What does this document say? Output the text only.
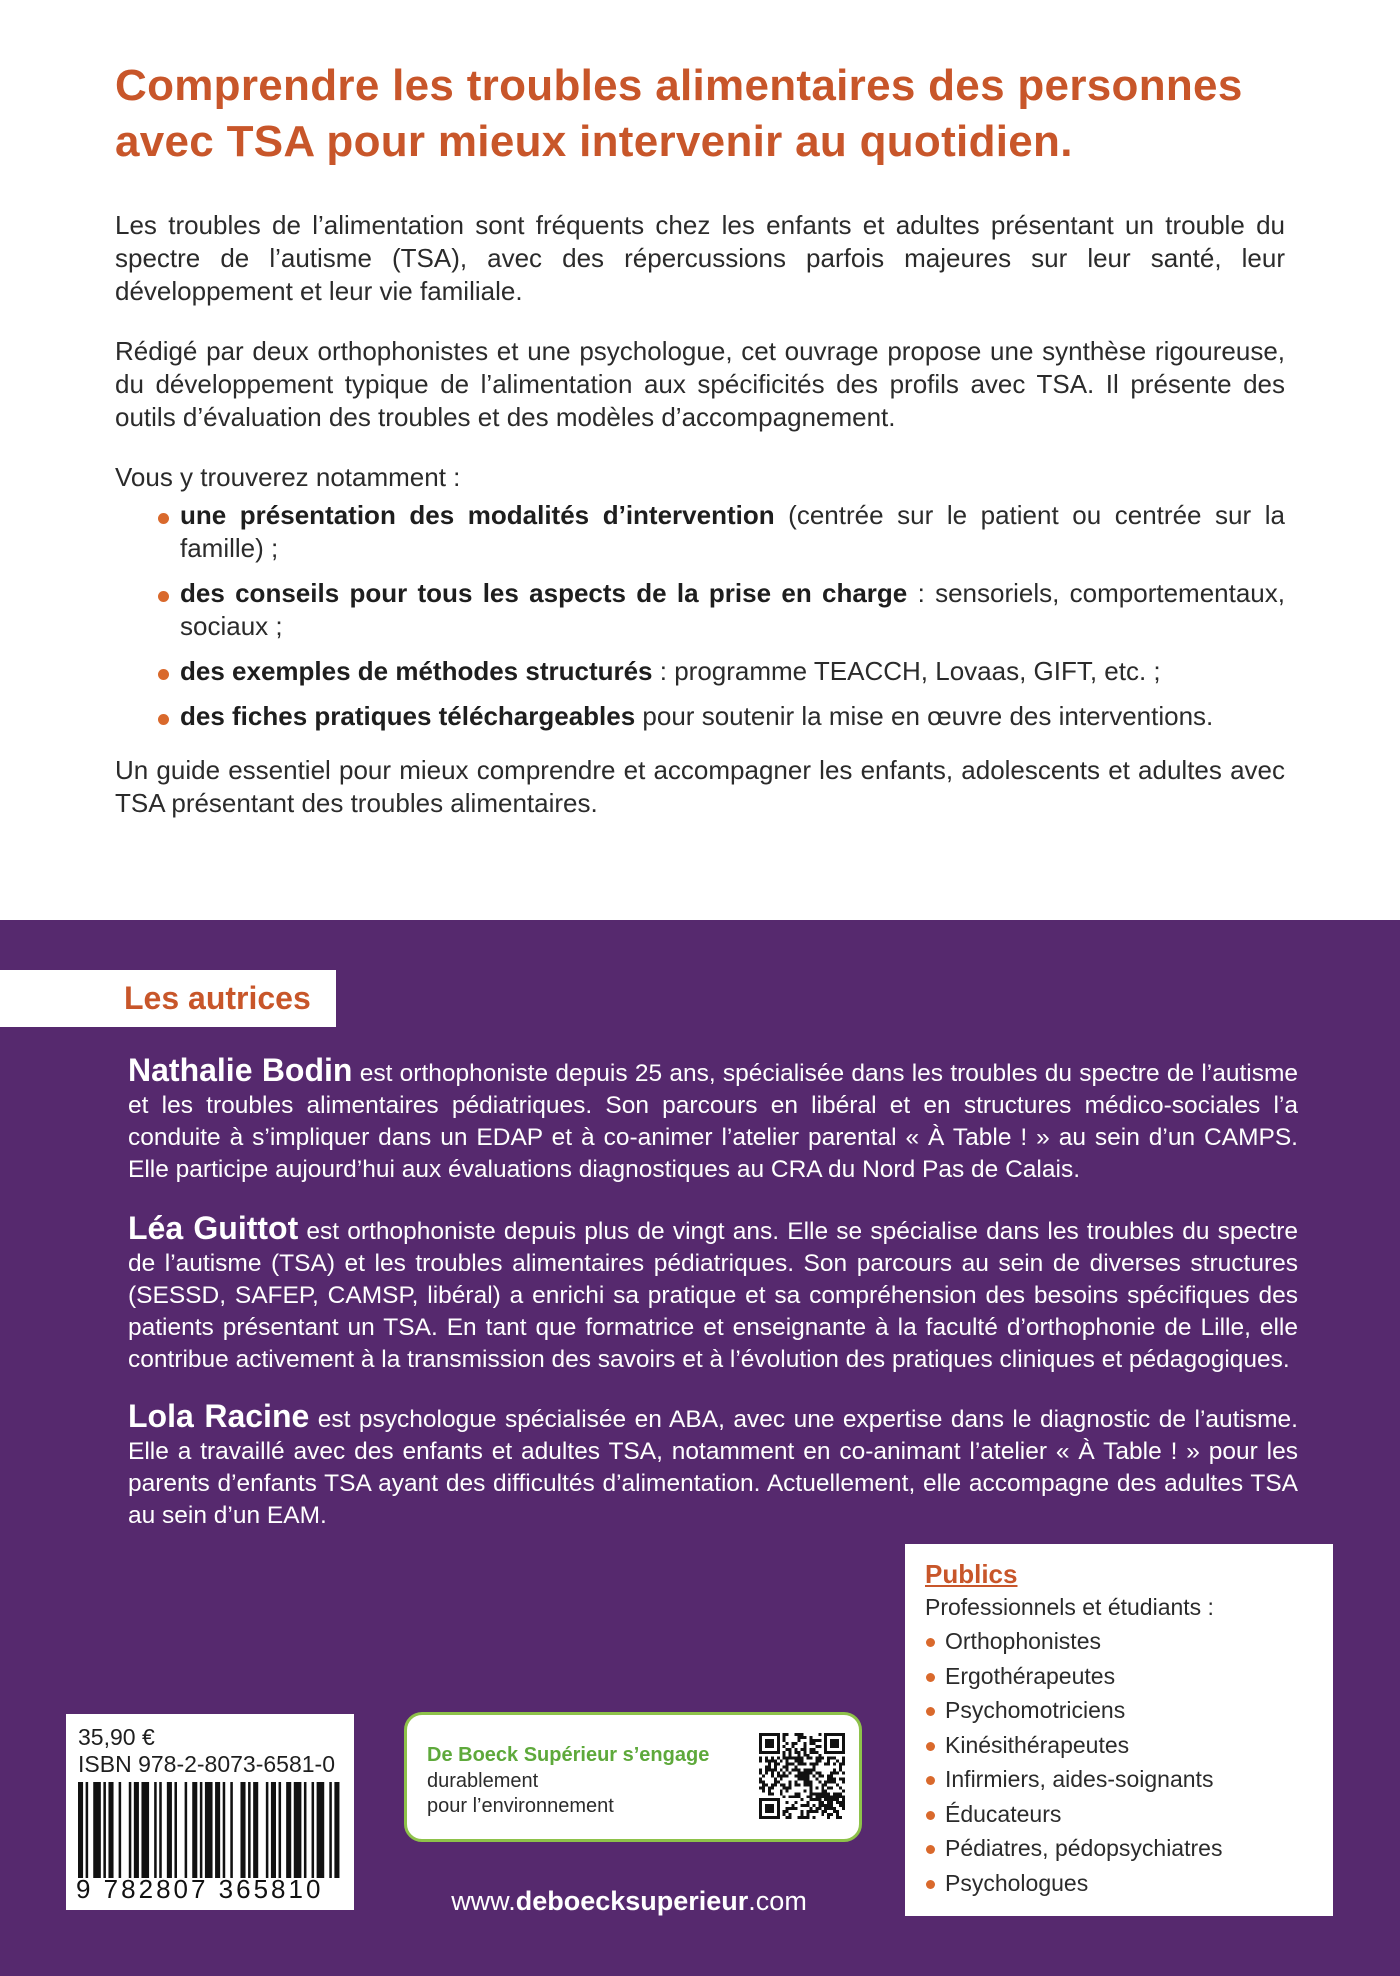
Comprendre les troubles alimentaires des personnes
avec TSA pour mieux intervenir au quotidien.

Les troubles de l’alimentation sont fréquents chez les enfants et adultes présentant un trouble du spectre de l’autisme (TSA), avec des répercussions parfois majeures sur leur santé, leur développement et leur vie familiale.

Rédigé par deux orthophonistes et une psychologue, cet ouvrage propose une synthèse rigoureuse, du développement typique de l’alimentation aux spécificités des profils avec TSA. Il présente des outils d’évaluation des troubles et des modèles d’accompagnement.

Vous y trouverez notamment :

une présentation des modalités d’intervention (centrée sur le patient ou centrée sur la famille) ;
des conseils pour tous les aspects de la prise en charge : sensoriels, comportementaux, sociaux ;
des exemples de méthodes structurés : programme TEACCH, Lovaas, GIFT, etc. ;
des fiches pratiques téléchargeables pour soutenir la mise en œuvre des interventions.

Un guide essentiel pour mieux comprendre et accompagner les enfants, adolescents et adultes avec TSA présentant des troubles alimentaires.

Les autrices

Nathalie Bodin est orthophoniste depuis 25 ans, spécialisée dans les troubles du spectre de l’autisme et les troubles alimentaires pédiatriques. Son parcours en libéral et en structures médico-sociales l’a conduite à s’impliquer dans un EDAP et à co-animer l’atelier parental « À Table ! » au sein d’un CAMPS. Elle participe aujourd’hui aux évaluations diagnostiques au CRA du Nord Pas de Calais.

Léa Guittot est orthophoniste depuis plus de vingt ans. Elle se spécialise dans les troubles du spectre de l’autisme (TSA) et les troubles alimentaires pédiatriques. Son parcours au sein de diverses structures (SESSD, SAFEP, CAMSP, libéral) a enrichi sa pratique et sa compréhension des besoins spécifiques des patients présentant un TSA. En tant que formatrice et enseignante à la faculté d’orthophonie de Lille, elle contribue activement à la transmission des savoirs et à l’évolution des pratiques cliniques et pédagogiques.

Lola Racine est psychologue spécialisée en ABA, avec une expertise dans le diagnostic de l’autisme. Elle a travaillé avec des enfants et adultes TSA, notamment en co-animant l’atelier « À Table ! » pour les parents d’enfants TSA ayant des difficultés d’alimentation. Actuellement, elle accompagne des adultes TSA au sein d’un EAM.

Publics
Professionnels et étudiants :
Orthophonistes
Ergothérapeutes
Psychomotriciens
Kinésithérapeutes
Infirmiers, aides-soignants
Éducateurs
Pédiatres, pédopsychiatres
Psychologues
35,90 €
ISBN 978-2-8073-6581-0
9 782807 365810
De Boeck Supérieur s’engage
durablement
pour l’environnement
www.deboecksuperieur.com
